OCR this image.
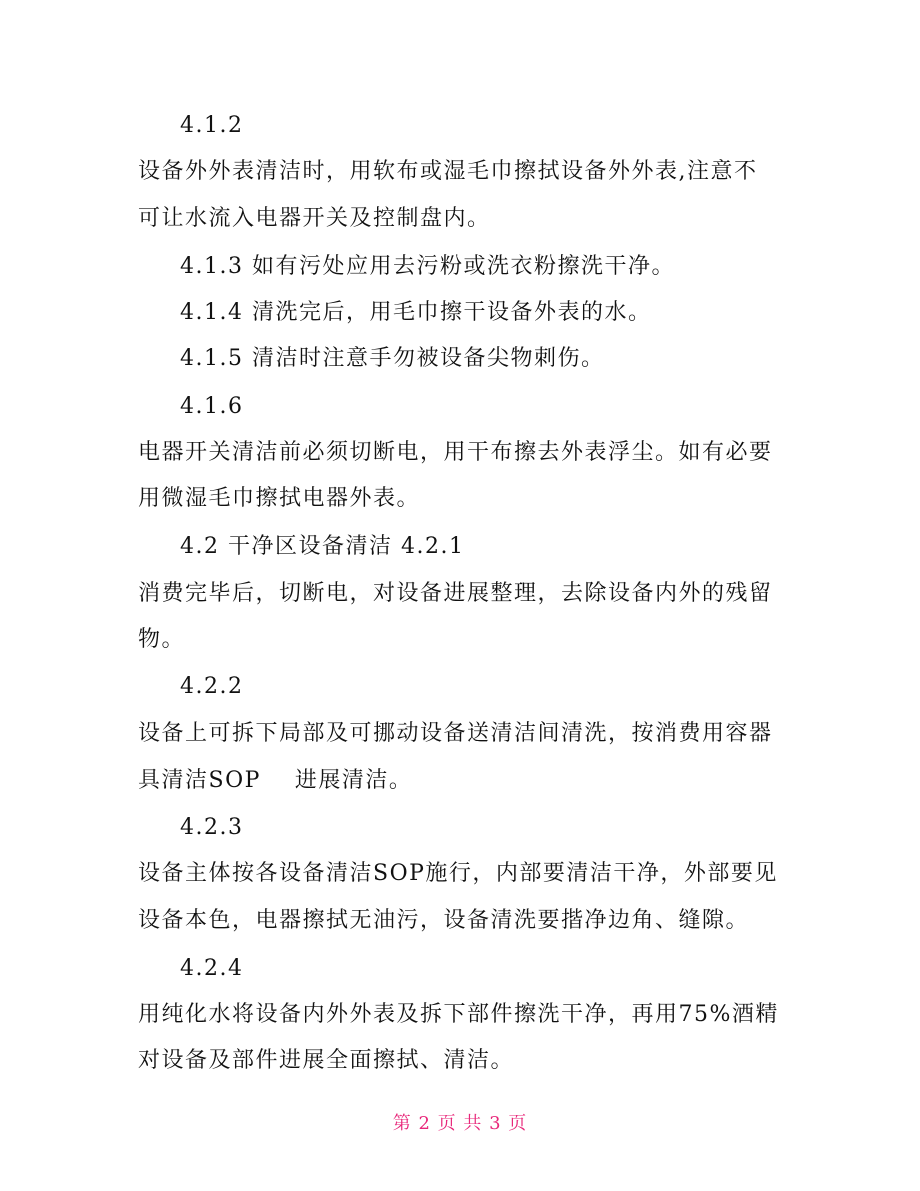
4.1.2
设备外外表清洁时，用软布或湿毛巾擦拭设备外外表,注意不
可让水流入电器开关及控制盘内。
4.1.3 如有污处应用去污粉或洗衣粉擦洗干净。
4.1.4 清洗完后，用毛巾擦干设备外表的水。
4.1.5 清洁时注意手勿被设备尖物刺伤。
4.1.6
电器开关清洁前必须切断电，用干布擦去外表浮尘。如有必要
用微湿毛巾擦拭电器外表。
4.2 干净区设备清洁 4.2.1
消费完毕后，切断电，对设备进展整理，去除设备内外的残留
物。
4.2.2
设备上可拆下局部及可挪动设备送清洁间清洗，按消费用容器
具清洁SOP    进展清洁。
4.2.3
设备主体按各设备清洁SOP施行，内部要清洁干净，外部要见
设备本色，电器擦拭无油污，设备清洗要揩净边角、缝隙。
4.2.4
用纯化水将设备内外外表及拆下部件擦洗干净，再用75%酒精
对设备及部件进展全面擦拭、清洁。
第 2 页 共 3 页
